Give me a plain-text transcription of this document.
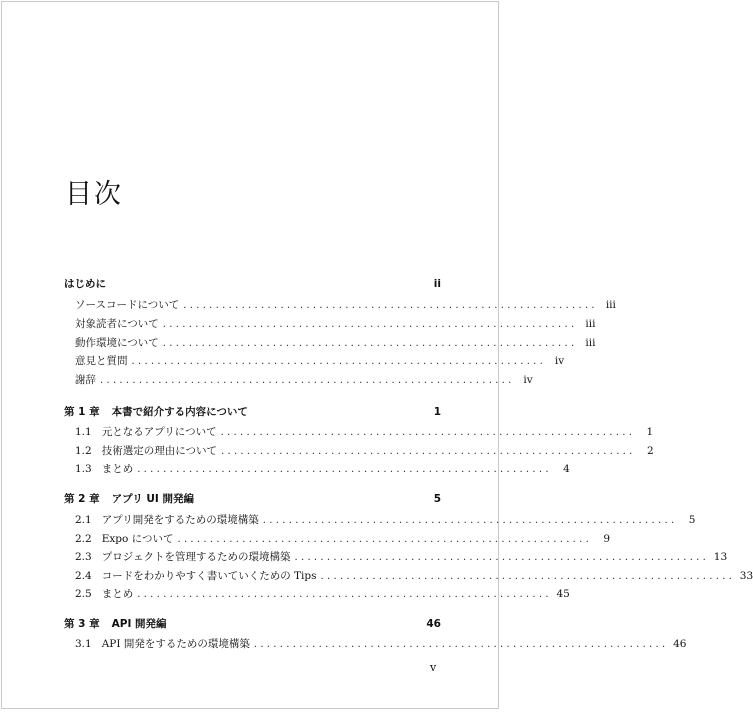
目次
はじめに	ii
ソースコードについて ................................................................ iii
対象読者について ................................................................ iii
動作環境について ................................................................ iii
意見と質問 ................................................................ iv
謝辞 ................................................................ iv
第 1 章 本書で紹介する内容について	1
1.1 元となるアプリについて ................................................................	1
1.2 技術選定の理由について ................................................................	2
1.3 まとめ ................................................................	4
第 2 章 アプリ UI 開発編	5
2.1 アプリ開発をするための環境構築 ................................................................	5
2.2 Expo について ................................................................	9
2.3 プロジェクトを管理するための環境構築 ................................................................ 13
2.4 コードをわかりやすく書いていくための Tips ................................................................ 33
2.5 まとめ ................................................................ 45
第 3 章 API 開発編	46
3.1 API 開発をするための環境構築 ................................................................ 46
v
